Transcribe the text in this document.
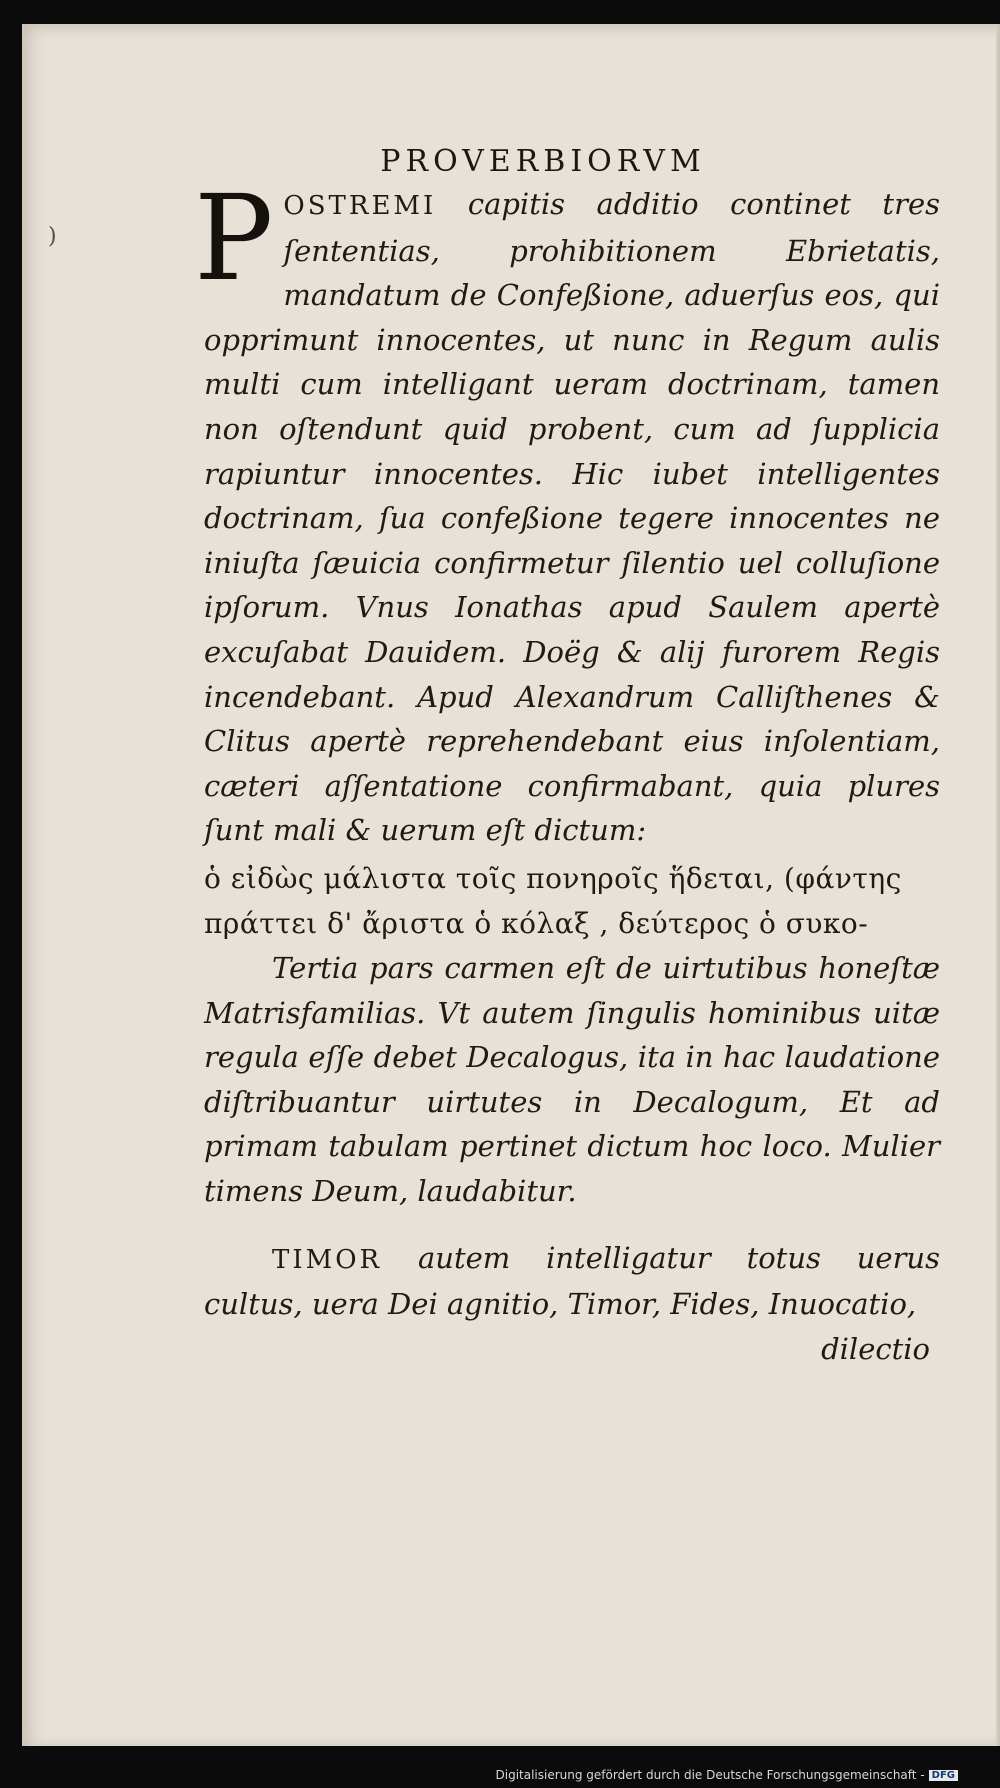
)
PROVERBIORVM

POSTREMI capitis additio continet tres ſententias, prohibitionem Ebrietatis, mandatum de Confeßione, aduerſus eos, qui opprimunt innocentes, ut nunc in Regum aulis multi cum intelligant ueram doctrinam, tamen non oſtendunt quid probent, cum ad ſupplicia rapiuntur innocentes. Hic iubet intelligentes doctrinam, ſua confeßione tegere innocentes ne iniuſta ſæuicia confirmetur ſilentio uel colluſione ipſorum. Vnus Ionathas apud Saulem apertè excuſabat Dauidem. Doëg & alij furorem Regis incendebant. Apud Alexandrum Calliſthenes & Clitus apertè reprehendebant eius inſolentiam, cæteri aſſentatione confirmabant, quia plures ſunt mali & uerum eſt dictum:

ὁ εἰδὼς μάλιστα τοῖς πονηροῖς ἥδεται, (φάντης
πράττει δ' ἄριστα ὁ κόλαξ , δεύτερος ὁ συκο-

Tertia pars carmen eſt de uirtutibus honeſtæ Matrisfamilias. Vt autem ſingulis hominibus uitæ regula eſſe debet Decalogus, ita in hac laudatione diſtribuantur uirtutes in Decalogum, Et ad primam tabulam pertinet dictum hoc loco. Mulier timens Deum, laudabitur.

TIMOR autem intelligatur totus uerus cultus, uera Dei agnitio, Timor, Fides, Inuocatio,

dilectio
Digitalisierung gefördert durch die Deutsche Forschungsgemeinschaft - DFG
